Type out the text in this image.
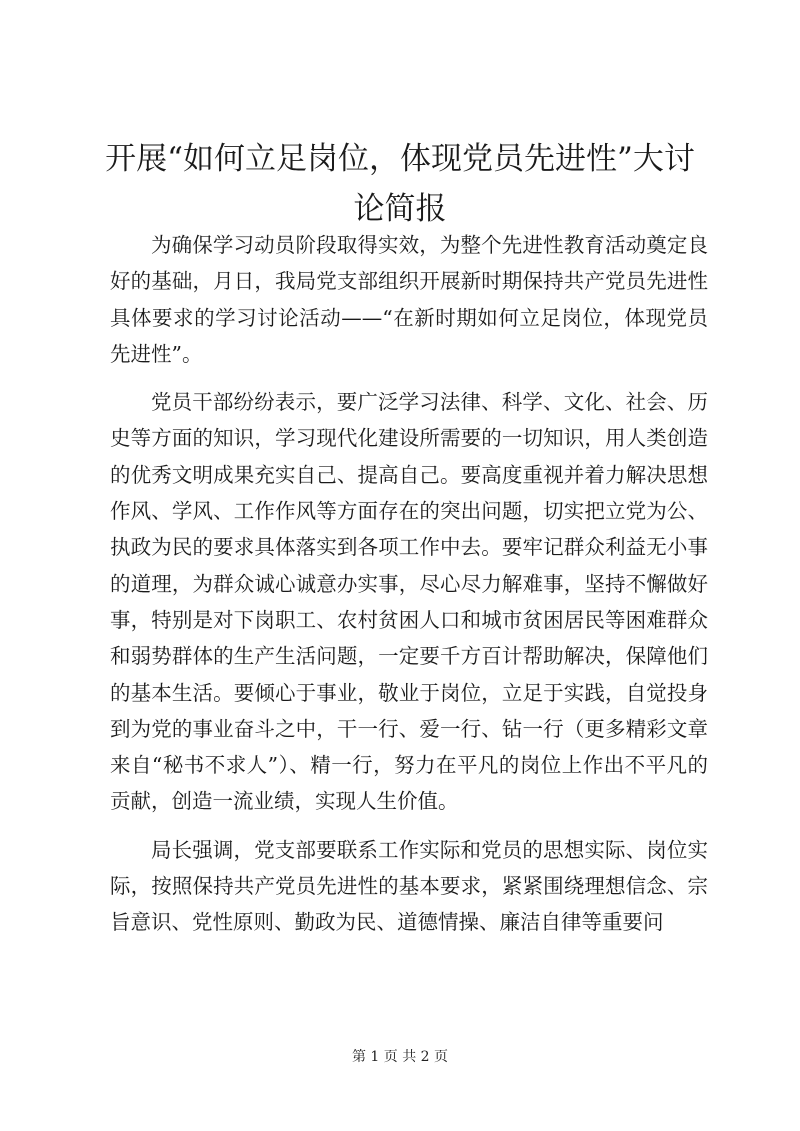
开展“如何立足岗位，体现党员先进性”大讨论简报

为确保学习动员阶段取得实效，为整个先进性教育活动奠定良好的基础，月日，我局党支部组织开展新时期保持共产党员先进性具体要求的学习讨论活动——“在新时期如何立足岗位，体现党员先进性”。

党员干部纷纷表示，要广泛学习法律、科学、文化、社会、历史等方面的知识，学习现代化建设所需要的一切知识，用人类创造的优秀文明成果充实自己、提高自己。要高度重视并着力解决思想作风、学风、工作作风等方面存在的突出问题，切实把立党为公、执政为民的要求具体落实到各项工作中去。要牢记群众利益无小事的道理，为群众诚心诚意办实事，尽心尽力解难事，坚持不懈做好事，特别是对下岗职工、农村贫困人口和城市贫困居民等困难群众和弱势群体的生产生活问题，一定要千方百计帮助解决，保障他们的基本生活。要倾心于事业，敬业于岗位，立足于实践，自觉投身到为党的事业奋斗之中，干一行、爱一行、钻一行（更多精彩文章来自“秘书不求人”）、精一行，努力在平凡的岗位上作出不平凡的贡献，创造一流业绩，实现人生价值。

局长强调，党支部要联系工作实际和党员的思想实际、岗位实际，按照保持共产党员先进性的基本要求，紧紧围绕理想信念、宗旨意识、党性原则、勤政为民、道德情操、廉洁自律等重要问

第 1 页 共 2 页
